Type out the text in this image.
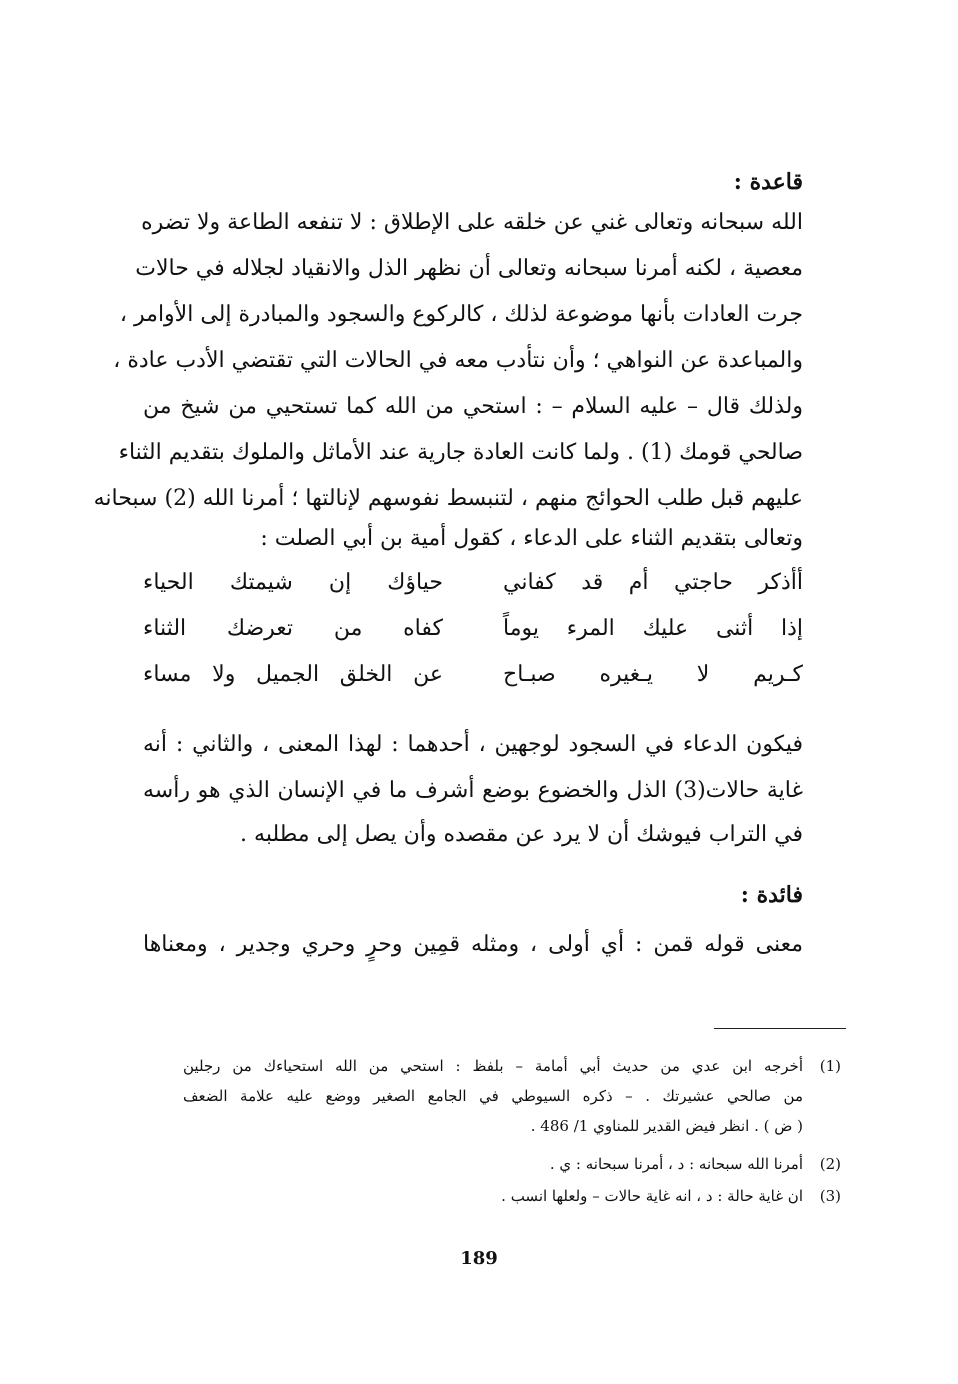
قاعدة :
الله سبحانه وتعالى غني عن خلقه على الإطلاق : لا تنفعه الطاعة ولا تضره
معصية ، لكنه أمرنا سبحانه وتعالى أن نظهر الذل والانقياد لجلاله في حالات
جرت العادات بأنها موضوعة لذلك ، كالركوع والسجود والمبادرة إلى الأوامر ،
والمباعدة عن النواهي ؛ وأن نتأدب معه في الحالات التي تقتضي الأدب عادة ،
ولذلك قال – عليه السلام – : استحي من الله كما تستحيي من شيخ من
صالحي قومك (1) . ولما كانت العادة جارية عند الأماثل والملوك بتقديم الثناء
عليهم قبل طلب الحوائج منهم ، لتنبسط نفوسهم لإنالتها ؛ أمرنا الله (2) سبحانه
وتعالى بتقديم الثناء على الدعاء ، كقول أمية بن أبي الصلت :
أأذكر حاجتي أم قد كفاني
حياؤك إن شيمتك الحياء
إذا أثنى عليك المرء يوماً
كفاه من تعرضك الثناء
كـريم لا يـغيره صبـاح
عن الخلق الجميل ولا مساء
فيكون الدعاء في السجود لوجهين ، أحدهما : لهذا المعنى ، والثاني : أنه
غاية حالات(3) الذل والخضوع بوضع أشرف ما في الإنسان الذي هو رأسه
في التراب فيوشك أن لا يرد عن مقصده وأن يصل إلى مطلبه .
فائدة :
معنى قوله قمن : أي أولى ، ومثله قمِين وحرٍ وحري وجدير ، ومعناها
(1)
أخرجه ابن عدي من حديث أبي أمامة – بلفظ : استحي من الله استحياءك من رجلين
من صالحي عشيرتك . – ذكره السيوطي في الجامع الصغير ووضع عليه علامة الضعف
( ض ) . انظر فيض القدير للمناوي 1/ 486 .
(2)
أمرنا الله سبحانه : د ، أمرنا سبحانه : ي .
(3)
ان غاية حالة : د ، انه غاية حالات – ولعلها انسب .
189
